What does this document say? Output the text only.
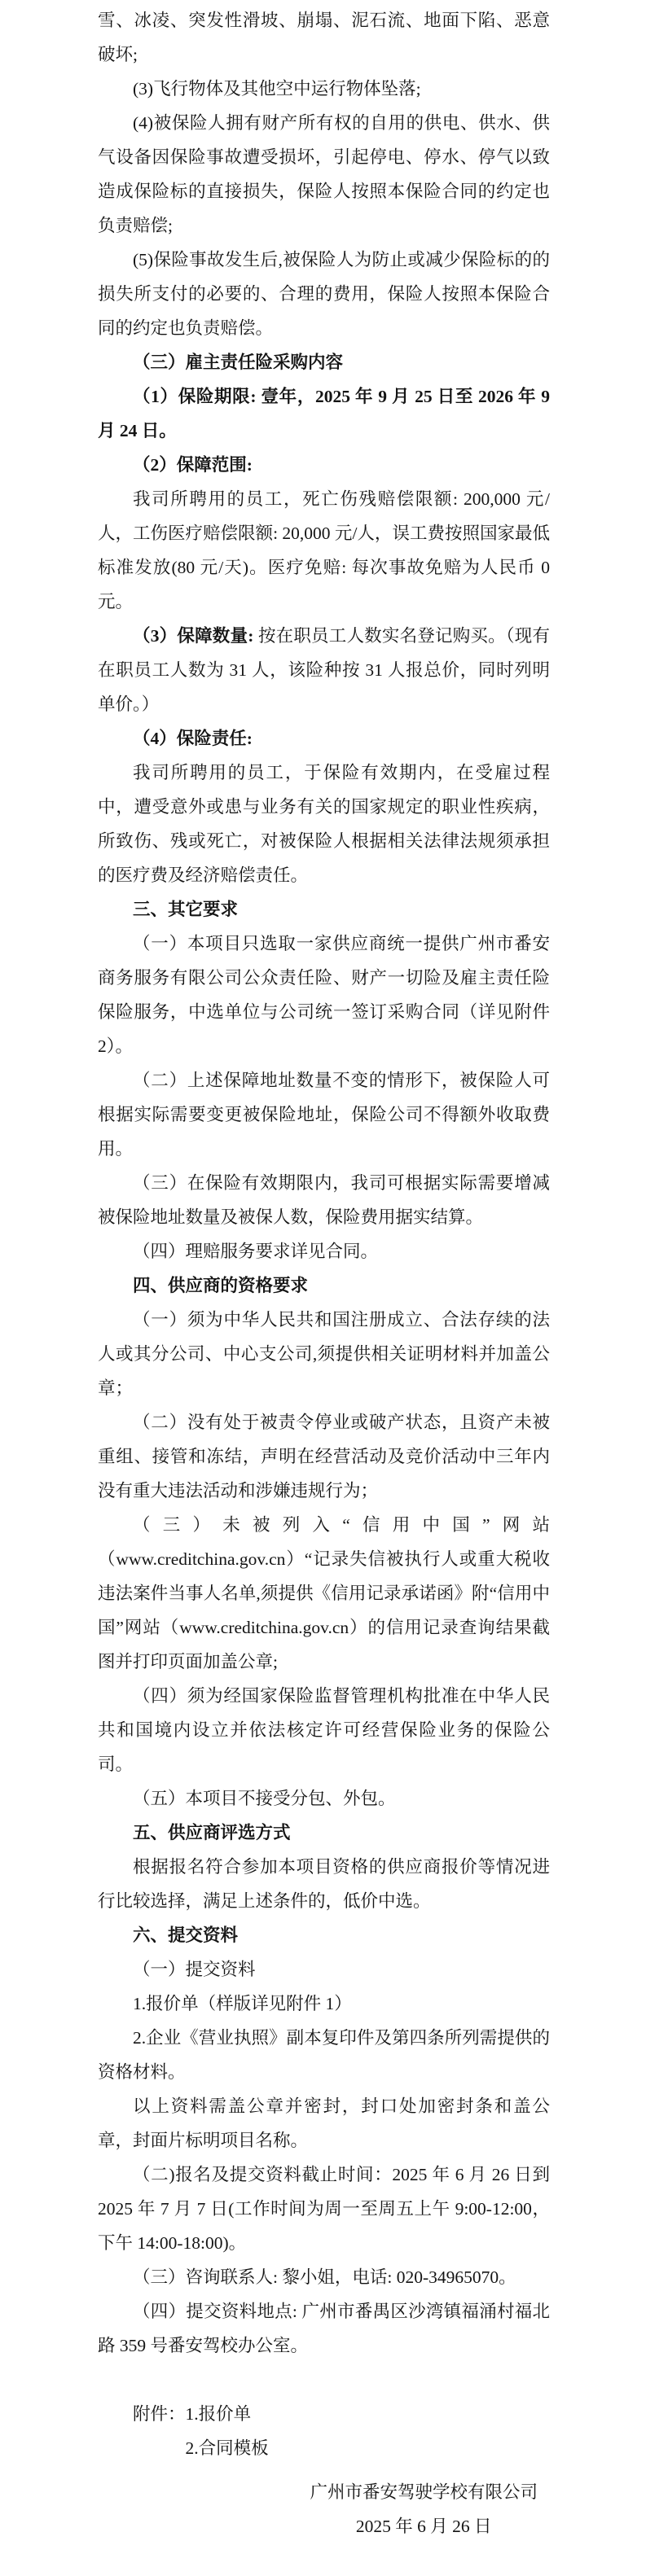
雪、冰凌、突发性滑坡、崩塌、泥石流、地面下陷、恶意破坏;
(3)飞行物体及其他空中运行物体坠落;
(4)被保险人拥有财产所有权的自用的供电、供水、供气设备因保险事故遭受损坏，引起停电、停水、停气以致造成保险标的直接损失，保险人按照本保险合同的约定也负责赔偿;
(5)保险事故发生后,被保险人为防止或减少保险标的的损失所支付的必要的、合理的费用，保险人按照本保险合同的约定也负责赔偿。
（三）雇主责任险采购内容
（1）保险期限: 壹年，2025 年 9 月 25 日至 2026 年 9 月 24 日。
（2）保障范围:
我司所聘用的员工，死亡伤残赔偿限额: 200,000 元/人，工伤医疗赔偿限额: 20,000 元/人，误工费按照国家最低标准发放(80 元/天)。医疗免赔: 每次事故免赔为人民币 0 元。
（3）保障数量: 按在职员工人数实名登记购买。（现有在职员工人数为 31 人，该险种按 31 人报总价，同时列明单价。）
（4）保险责任:
我司所聘用的员工，于保险有效期内，在受雇过程中，遭受意外或患与业务有关的国家规定的职业性疾病，所致伤、残或死亡，对被保险人根据相关法律法规须承担的医疗费及经济赔偿责任。
三、其它要求
（一）本项目只选取一家供应商统一提供广州市番安商务服务有限公司公众责任险、财产一切险及雇主责任险保险服务，中选单位与公司统一签订采购合同（详见附件 2）。
（二）上述保障地址数量不变的情形下，被保险人可根据实际需要变更被保险地址，保险公司不得额外收取费用。
（三）在保险有效期限内，我司可根据实际需要增减被保险地址数量及被保人数，保险费用据实结算。
（四）理赔服务要求详见合同。
四、供应商的资格要求
（一）须为中华人民共和国注册成立、合法存续的法人或其分公司、中心支公司,须提供相关证明材料并加盖公章；
（二）没有处于被责令停业或破产状态，且资产未被重组、接管和冻结，声明在经营活动及竞价活动中三年内没有重大违法活动和涉嫌违规行为；
（三）未被列入“信用中国”网站（www.creditchina.gov.cn）“记录失信被执行人或重大税收违法案件当事人名单,须提供《信用记录承诺函》附“信用中国”网站（www.creditchina.gov.cn）的信用记录查询结果截图并打印页面加盖公章;
（四）须为经国家保险监督管理机构批准在中华人民共和国境内设立并依法核定许可经营保险业务的保险公司。
（五）本项目不接受分包、外包。
五、供应商评选方式
根据报名符合参加本项目资格的供应商报价等情况进行比较选择，满足上述条件的，低价中选。
六、提交资料
（一）提交资料
1.报价单（样版详见附件 1）
2.企业《营业执照》副本复印件及第四条所列需提供的资格材料。
以上资料需盖公章并密封，封口处加密封条和盖公章，封面片标明项目名称。
（二)报名及提交资料截止时间：2025 年 6 月 26 日到 2025 年 7 月 7 日(工作时间为周一至周五上午 9:00-12:00，下午 14:00-18:00)。
（三）咨询联系人: 黎小姐，电话: 020-34965070。
（四）提交资料地点: 广州市番禺区沙湾镇福涌村福北路 359 号番安驾校办公室。
附件：1.报价单
2.合同模板
广州市番安驾驶学校有限公司
2025 年 6 月 26 日
